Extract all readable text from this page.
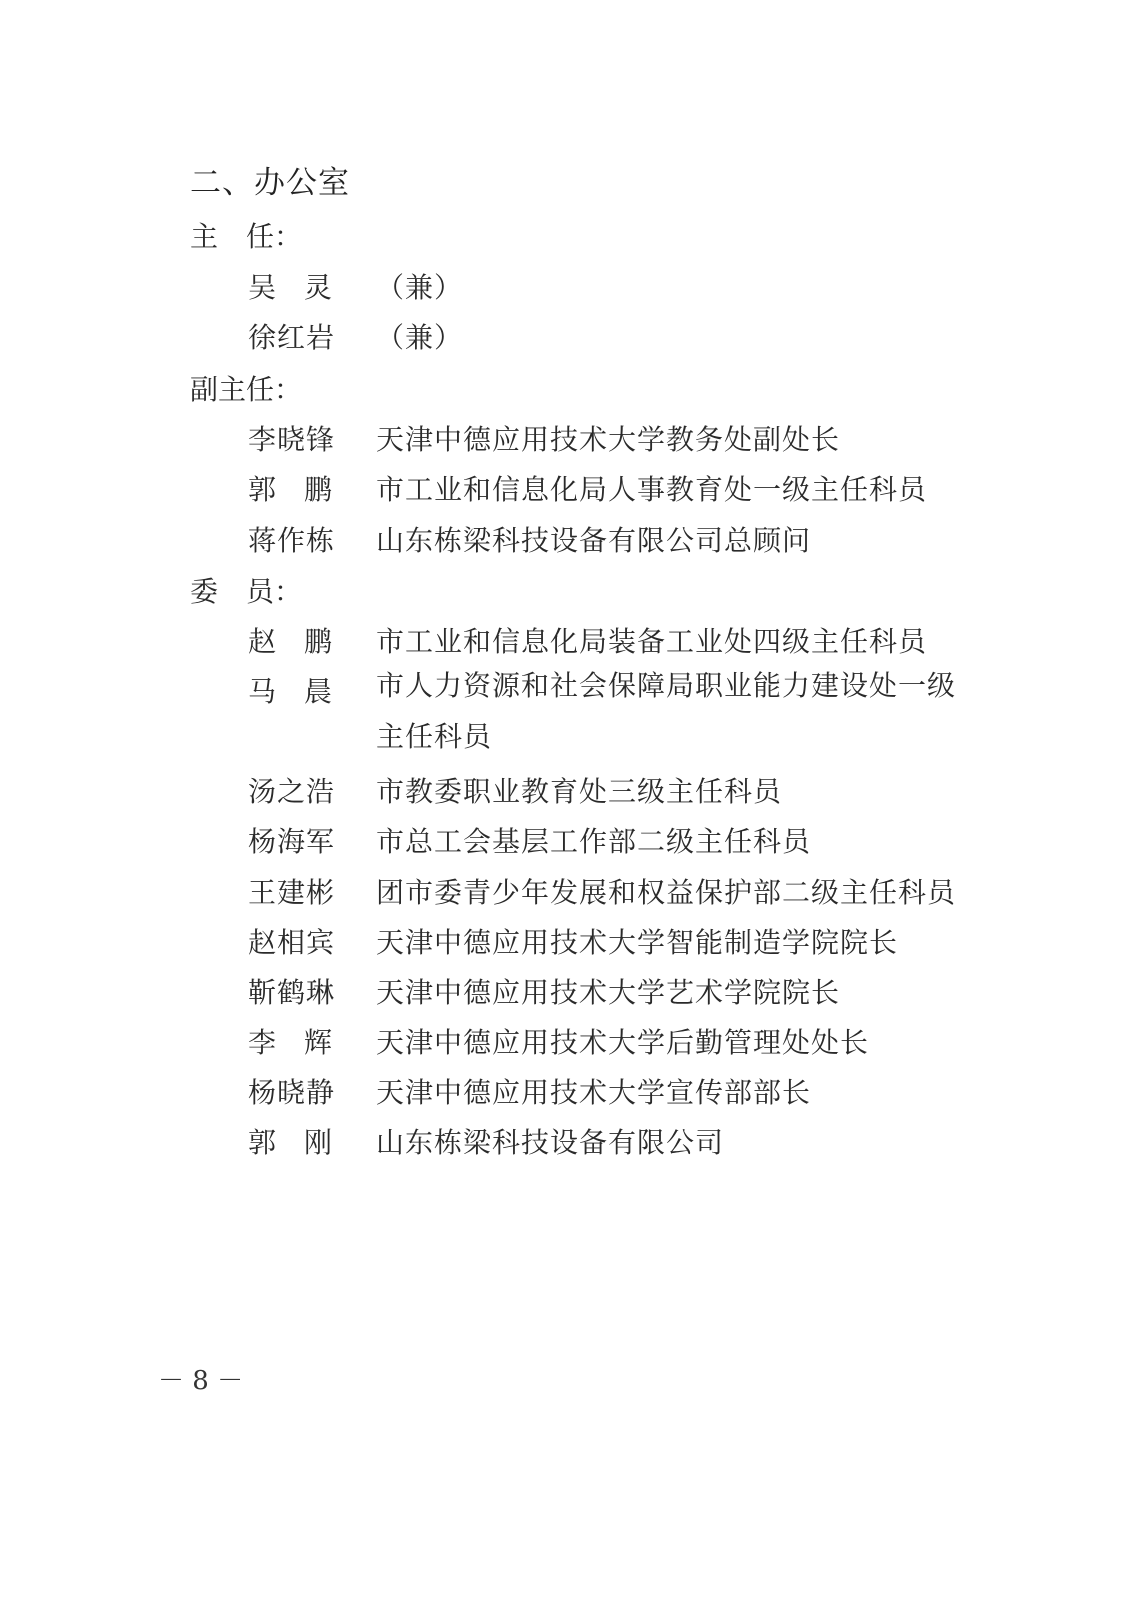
二、办公室
主　任：
吴灵 （兼）
徐红岩 （兼）
副主任：
李晓锋 天津中德应用技术大学教务处副处长
郭鹏 市工业和信息化局人事教育处一级主任科员
蒋作栋 山东栋梁科技设备有限公司总顾问
委　员：
赵鹏 市工业和信息化局装备工业处四级主任科员
马晨 市人力资源和社会保障局职业能力建设处一级主任科员
汤之浩 市教委职业教育处三级主任科员
杨海军 市总工会基层工作部二级主任科员
王建彬 团市委青少年发展和权益保护部二级主任科员
赵相宾 天津中德应用技术大学智能制造学院院长
靳鹤琳 天津中德应用技术大学艺术学院院长
李辉 天津中德应用技术大学后勤管理处处长
杨晓静 天津中德应用技术大学宣传部部长
郭刚 山东栋梁科技设备有限公司
－ 8 －
